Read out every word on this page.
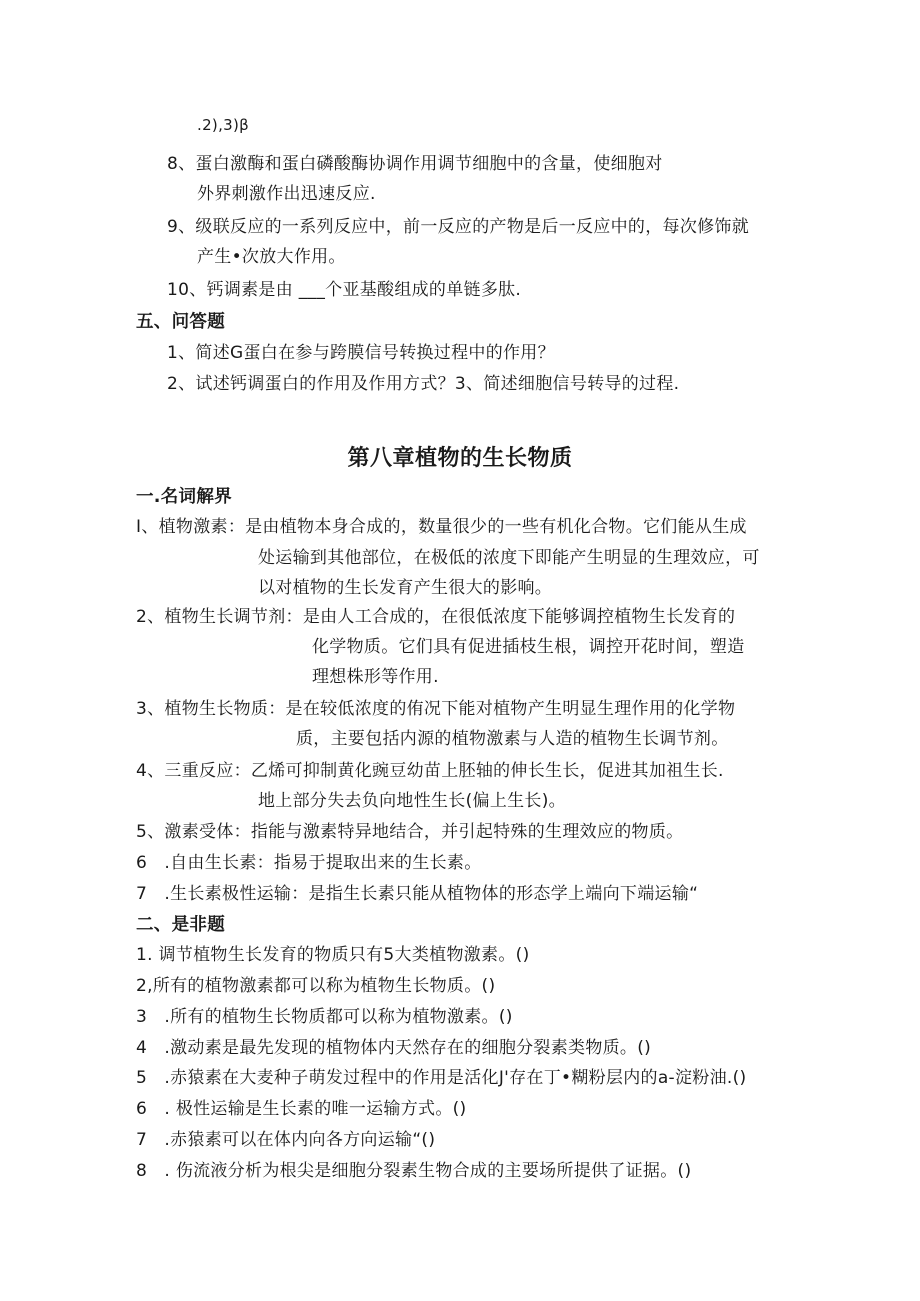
.2),3)β
8、蛋白激酶和蛋白磷酸酶协调作用调节细胞中的含量，使细胞对
外界刺激作出迅速反应.
9、级联反应的一系列反应中，前一反应的产物是后一反应中的，每次修饰就
产生•次放大作用。
10、钙调素是由 ___个亚基酸组成的单链多肽.
五、问答题
1、简述G蛋白在参与跨膜信号转换过程中的作用？
2、试述钙调蛋白的作用及作用方式？3、简述细胞信号转导的过程.
第八章植物的生长物质
一.名词解界
I、植物激素：是由植物本身合成的，数量很少的一些有机化合物。它们能从生成
处运输到其他部位，在极低的浓度下即能产生明显的生理效应，可
以对植物的生长发育产生很大的影响。
2、植物生长调节剂：是由人工合成的，在很低浓度下能够调控植物生长发育的
化学物质。它们具有促进插枝生根，调控开花时间，塑造
理想株形等作用.
3、植物生长物质：是在较低浓度的侑况下能对植物产生明显生理作用的化学物
质，主要包括内源的植物激素与人造的植物生长调节剂。
4、三重反应：乙烯可抑制黄化豌豆幼苗上胚轴的伸长生长，促进其加祖生长.
地上部分失去负向地性生长(偏上生长)。
5、激素受体：指能与激素特异地结合，并引起特殊的生理效应的物质。
6 .自由生长素：指易于提取出来的生长素。
7 .生长素极性运输：是指生长素只能从植物体的形态学上端向下端运输“
二、是非题
1. 调节植物生长发育的物质只有5大类植物激素。()
2,所有的植物激素都可以称为植物生长物质。()
3 .所有的植物生长物质都可以称为植物激素。()
4 .激动素是最先发现的植物体内天然存在的细胞分裂素类物质。()
5 .赤猿素在大麦种子萌发过程中的作用是活化J'存在丁•糊粉层内的a-淀粉油.()
6 . 极性运输是生长素的唯一运输方式。()
7 .赤猿素可以在体内向各方向运输“()
8 . 伤流液分析为根尖是细胞分裂素生物合成的主要场所提供了证据。()
